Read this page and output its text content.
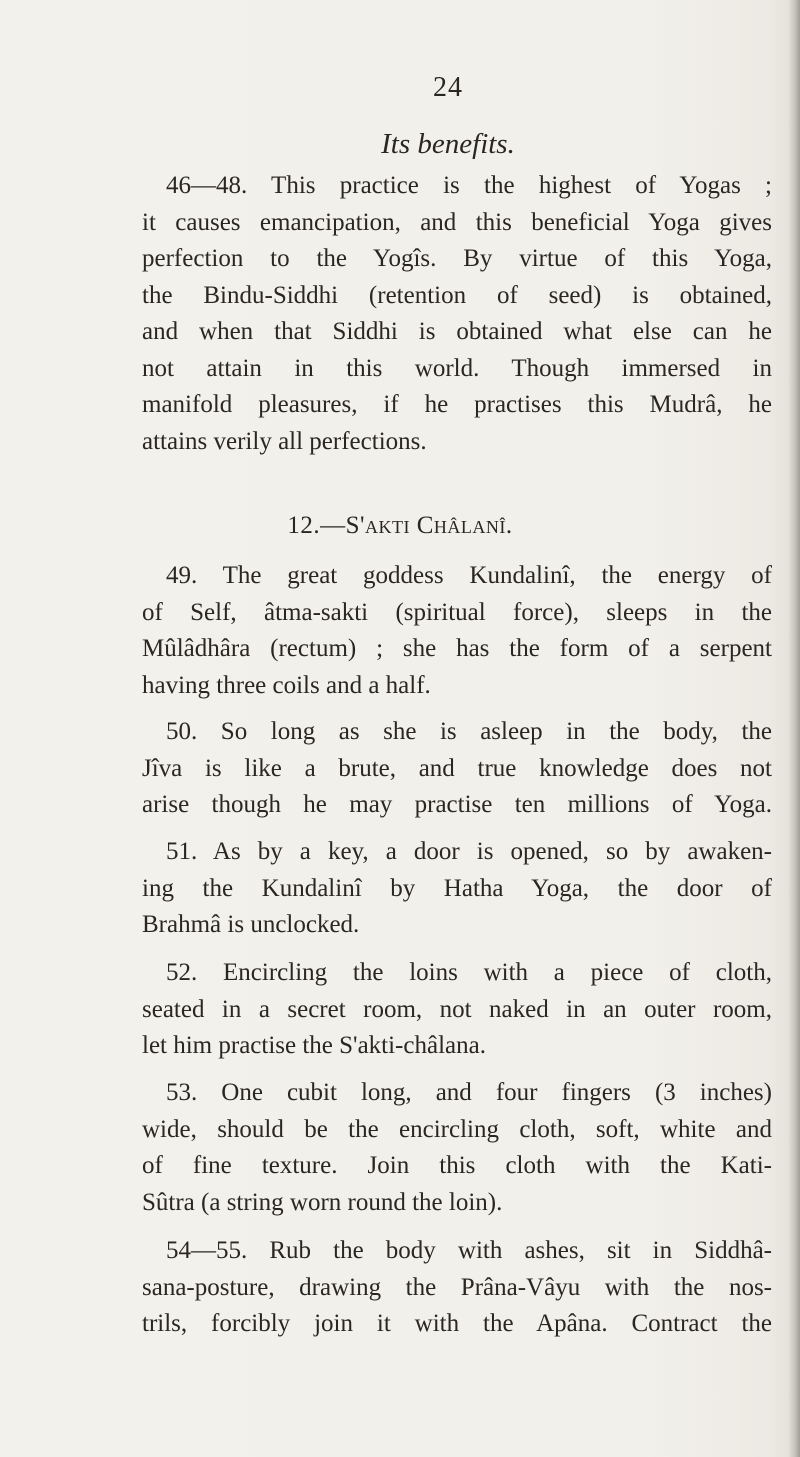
24
Its benefits.

46—48. This practice is the highest of Yogas ;
it causes emancipation, and this beneficial Yoga gives
perfection to the Yogîs. By virtue of this Yoga,
the Bindu-Siddhi (retention of seed) is obtained,
and when that Siddhi is obtained what else can he
not attain in this world. Though immersed in
manifold pleasures, if he practises this Mudrâ, he
attains verily all perfections.

12.—S'akti Châlanî.

49. The great goddess Kundalinî, the energy of
of Self, âtma-sakti (spiritual force), sleeps in the
Mûlâdhâra (rectum) ; she has the form of a serpent
having three coils and a half.

50. So long as she is asleep in the body, the
Jîva is like a brute, and true knowledge does not
arise though he may practise ten millions of Yoga.

51. As by a key, a door is opened, so by awaken-
ing the Kundalinî by Hatha Yoga, the door of
Brahmâ is unclocked.

52. Encircling the loins with a piece of cloth,
seated in a secret room, not naked in an outer room,
let him practise the S'akti-châlana.

53. One cubit long, and four fingers (3 inches)
wide, should be the encircling cloth, soft, white and
of fine texture. Join this cloth with the Kati-
Sûtra (a string worn round the loin).

54—55. Rub the body with ashes, sit in Siddhâ-
sana-posture, drawing the Prâna-Vâyu with the nos-
trils, forcibly join it with the Apâna. Contract the
